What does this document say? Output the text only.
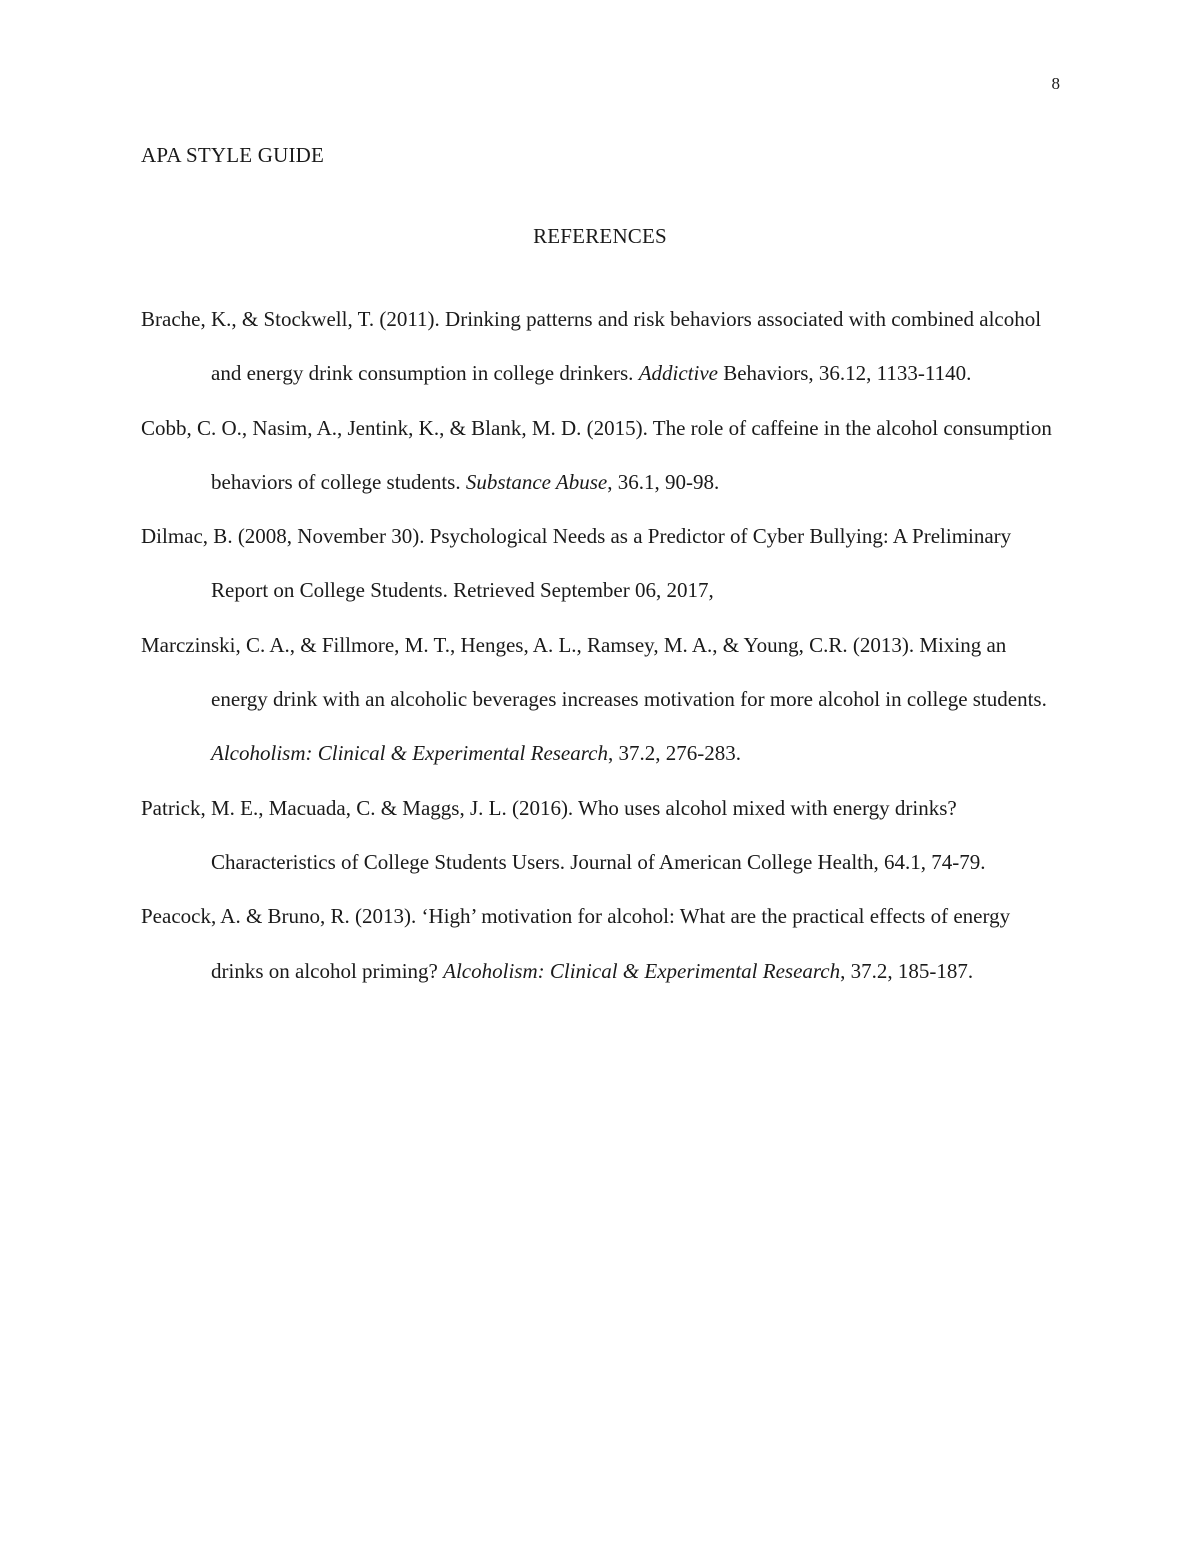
8
APA STYLE GUIDE
REFERENCES
Brache, K., & Stockwell, T. (2011). Drinking patterns and risk behaviors associated with combined alcohol and energy drink consumption in college drinkers. Addictive Behaviors, 36.12, 1133-1140.
Cobb, C. O., Nasim, A., Jentink, K., & Blank, M. D. (2015). The role of caffeine in the alcohol consumption behaviors of college students. Substance Abuse, 36.1, 90-98.
Dilmac, B. (2008, November 30). Psychological Needs as a Predictor of Cyber Bullying: A Preliminary Report on College Students. Retrieved September 06, 2017,
Marczinski, C. A., & Fillmore, M. T., Henges, A. L., Ramsey, M. A., & Young, C.R. (2013). Mixing an energy drink with an alcoholic beverages increases motivation for more alcohol in college students. Alcoholism: Clinical & Experimental Research, 37.2, 276-283.
Patrick, M. E., Macuada, C. & Maggs, J. L. (2016). Who uses alcohol mixed with energy drinks? Characteristics of College Students Users. Journal of American College Health, 64.1, 74-79.
Peacock, A. & Bruno, R. (2013). ‘High’ motivation for alcohol: What are the practical effects of energy drinks on alcohol priming? Alcoholism: Clinical & Experimental Research, 37.2, 185-187.
